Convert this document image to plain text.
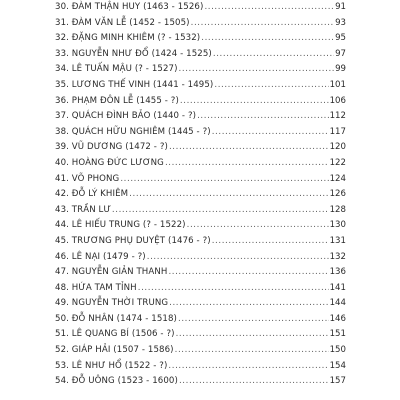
30. ĐÀM THẬN HUY (1463 - 1526) .....	91
31. ĐÀM VĂN LỄ (1452 - 1505) .....	93
32. ĐẶNG MINH KHIÊM (? - 1532) .....	95
33. NGUYỄN NHƯ ĐỔ (1424 - 1525) .....	97
34. LÊ TUẤN MẬU (? - 1527) .....	99
35. LƯƠNG THẾ VINH (1441 - 1495) .....	101
36. PHẠM ĐÔN LỄ (1455 - ?) .....	106
37. QUÁCH ĐÌNH BẢO (1440 - ?) .....	112
38. QUÁCH HỮU NGHIÊM (1445 - ?) .....	117
39. VŨ DƯƠNG (1472 - ?) .....	120
40. HOÀNG ĐỨC LƯƠNG .....	122
41. VÕ PHONG .....	124
42. ĐỖ LÝ KHIÊM .....	126
43. TRẦN LƯ .....	128
44. LÊ HIẾU TRUNG (? - 1522) .....	130
45. TRƯƠNG PHỤ DUYỆT (1476 - ?) .....	131
46. LÊ NẠI (1479 - ?) .....	132
47. NGUYỄN GIẢN THANH .....	136
48. HỨA TAM TỈNH .....	141
49. NGUYỄN THỜI TRUNG .....	144
50. ĐỖ NHÂN (1474 - 1518) .....	146
51. LÊ QUANG BÍ (1506 - ?) .....	151
52. GIÁP HẢI (1507 - 1586) .....	150
53. LÊ NHƯ HỔ (1522 - ?) .....	154
54. ĐỖ UÔNG (1523 - 1600) .....	157
